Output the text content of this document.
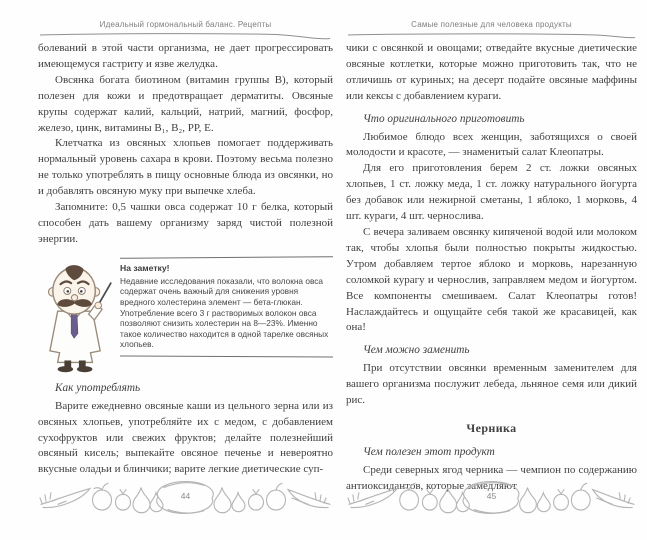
Идеальный гормональный баланс. Рецепты

болеваний в этой части организма, не дает прогрессировать имеющемуся гастриту и язве желудка.

Овсянка богата биотином (витамин группы В), который полезен для кожи и предотвращает дерматиты. Овсяные крупы содержат калий, кальций, натрий, магний, фосфор, железо, цинк, витамины В₁, В₂, РР, Е.

Клетчатка из овсяных хлопьев помогает поддерживать нормальный уровень сахара в крови. Поэтому весьма полезно не только употреблять в пищу основные блюда из овсянки, но и добавлять овсяную муку при выпечке хлеба.

Запомните: 0,5 чашки овса содержат 10 г белка, который способен дать вашему организму заряд чистой полезной энергии.

На заметку!

Недавние исследования показали, что волокна овса содержат очень важный для снижения уровня вредного холестерина элемент — бета-глюкан. Употребление всего 3 г растворимых волокон овса позволяют снизить холестерин на 8—23%. Именно такое количество находится в одной тарелке овсяных хлопьев.

Как употреблять

Варите ежедневно овсяные каши из цельного зерна или из овсяных хлопьев, употребляйте их с медом, с добавлением сухофруктов или свежих фруктов; делайте полезнейший овсяный кисель; выпекайте овсяное печенье и невероятно вкусные оладьи и блинчики; варите легкие диетические суп-

44
Самые полезные для человека продукты

чики с овсянкой и овощами; отведайте вкусные диетические овсяные котлетки, которые можно приготовить так, что не отличишь от куриных; на десерт подайте овсяные маффины или кексы с добавлением кураги.

Что оригинального приготовить

Любимое блюдо всех женщин, заботящихся о своей молодости и красоте, — знаменитый салат Клеопатры.

Для его приготовления берем 2 ст. ложки овсяных хлопьев, 1 ст. ложку меда, 1 ст. ложку натурального йогурта без добавок или нежирной сметаны, 1 яблоко, 1 морковь, 4 шт. кураги, 4 шт. чернослива.

С вечера заливаем овсянку кипяченой водой или молоком так, чтобы хлопья были полностью покрыты жидкостью. Утром добавляем тертое яблоко и морковь, нарезанную соломкой курагу и чернослив, заправляем медом и йогуртом. Все компоненты смешиваем. Салат Клеопатры готов! Наслаждайтесь и ощущайте себя такой же красавицей, как она!

Чем можно заменить

При отсутствии овсянки временным заменителем для вашего организма послужит лебеда, льняное семя или дикий рис.

Черника

Чем полезен этот продукт

Среди северных ягод черника — чемпион по содержанию антиоксидантов, которые замедляют

45
